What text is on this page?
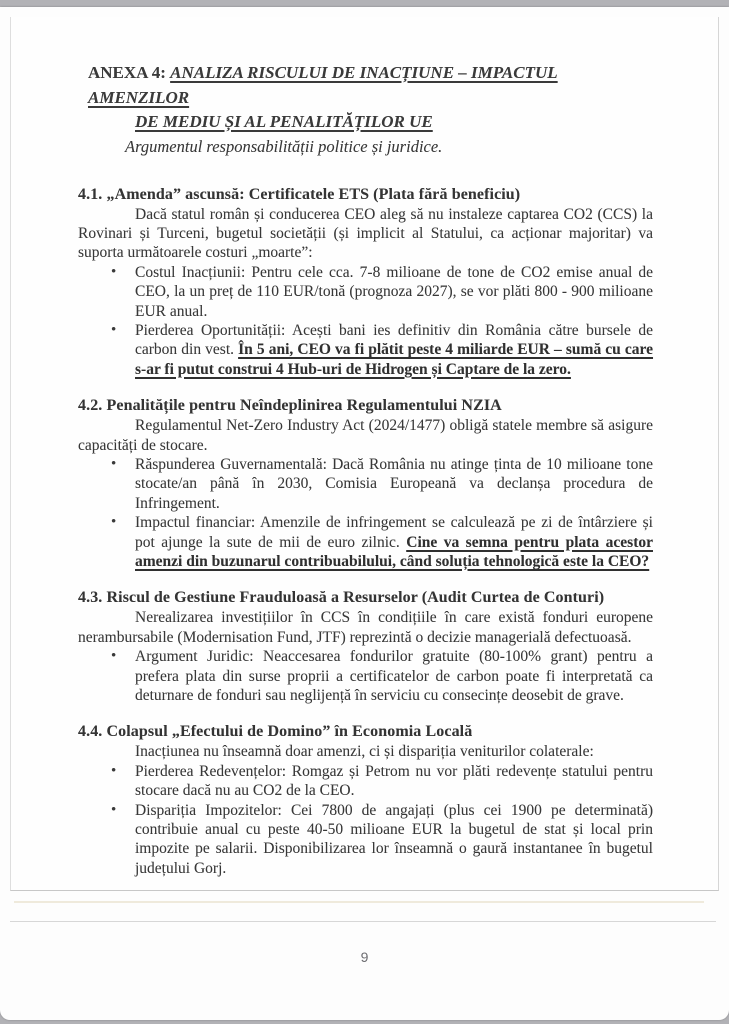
ANEXA 4: ANALIZA RISCULUI DE INACȚIUNE – IMPACTUL AMENZILOR
DE MEDIU ȘI AL PENALITĂȚILOR UE
Argumentul responsabilității politice și juridice.
4.1. „Amenda” ascunsă: Certificatele ETS (Plata fără beneficiu)

Dacă statul român și conducerea CEO aleg să nu instaleze captarea CO2 (CCS) la Rovinari și Turceni, bugetul societății (și implicit al Statului, ca acționar majoritar) va suporta următoarele costuri „moarte”:

• Costul Inacțiunii: Pentru cele cca. 7-8 milioane de tone de CO2 emise anual de CEO, la un preț de 110 EUR/tonă (prognoza 2027), se vor plăti 800 - 900 milioane EUR anual.
• Pierderea Oportunității: Acești bani ies definitiv din România către bursele de carbon din vest. În 5 ani, CEO va fi plătit peste 4 miliarde EUR – sumă cu care s-ar fi putut construi 4 Hub-uri de Hidrogen și Captare de la zero.
4.2. Penalitățile pentru Neîndeplinirea Regulamentului NZIA

Regulamentul Net-Zero Industry Act (2024/1477) obligă statele membre să asigure capacități de stocare.

• Răspunderea Guvernamentală: Dacă România nu atinge ținta de 10 milioane tone stocate/an până în 2030, Comisia Europeană va declanșa procedura de Infringement.
• Impactul financiar: Amenzile de infringement se calculează pe zi de întârziere și pot ajunge la sute de mii de euro zilnic. Cine va semna pentru plata acestor amenzi din buzunarul contribuabilului, când soluția tehnologică este la CEO?
4.3. Riscul de Gestiune Frauduloasă a Resurselor (Audit Curtea de Conturi)

Nerealizarea investițiilor în CCS în condițiile în care există fonduri europene nerambursabile (Modernisation Fund, JTF) reprezintă o decizie managerială defectuoasă.

• Argument Juridic: Neaccesarea fondurilor gratuite (80-100% grant) pentru a prefera plata din surse proprii a certificatelor de carbon poate fi interpretată ca deturnare de fonduri sau neglijență în serviciu cu consecințe deosebit de grave.
4.4. Colapsul „Efectului de Domino” în Economia Locală

Inacțiunea nu înseamnă doar amenzi, ci și dispariția veniturilor colaterale:

• Pierderea Redevențelor: Romgaz și Petrom nu vor plăti redevențe statului pentru stocare dacă nu au CO2 de la CEO.
• Dispariția Impozitelor: Cei 7800 de angajați (plus cei 1900 pe determinată) contribuie anual cu peste 40-50 milioane EUR la bugetul de stat și local prin impozite pe salarii. Disponibilizarea lor înseamnă o gaură instantanee în bugetul județului Gorj.
9
